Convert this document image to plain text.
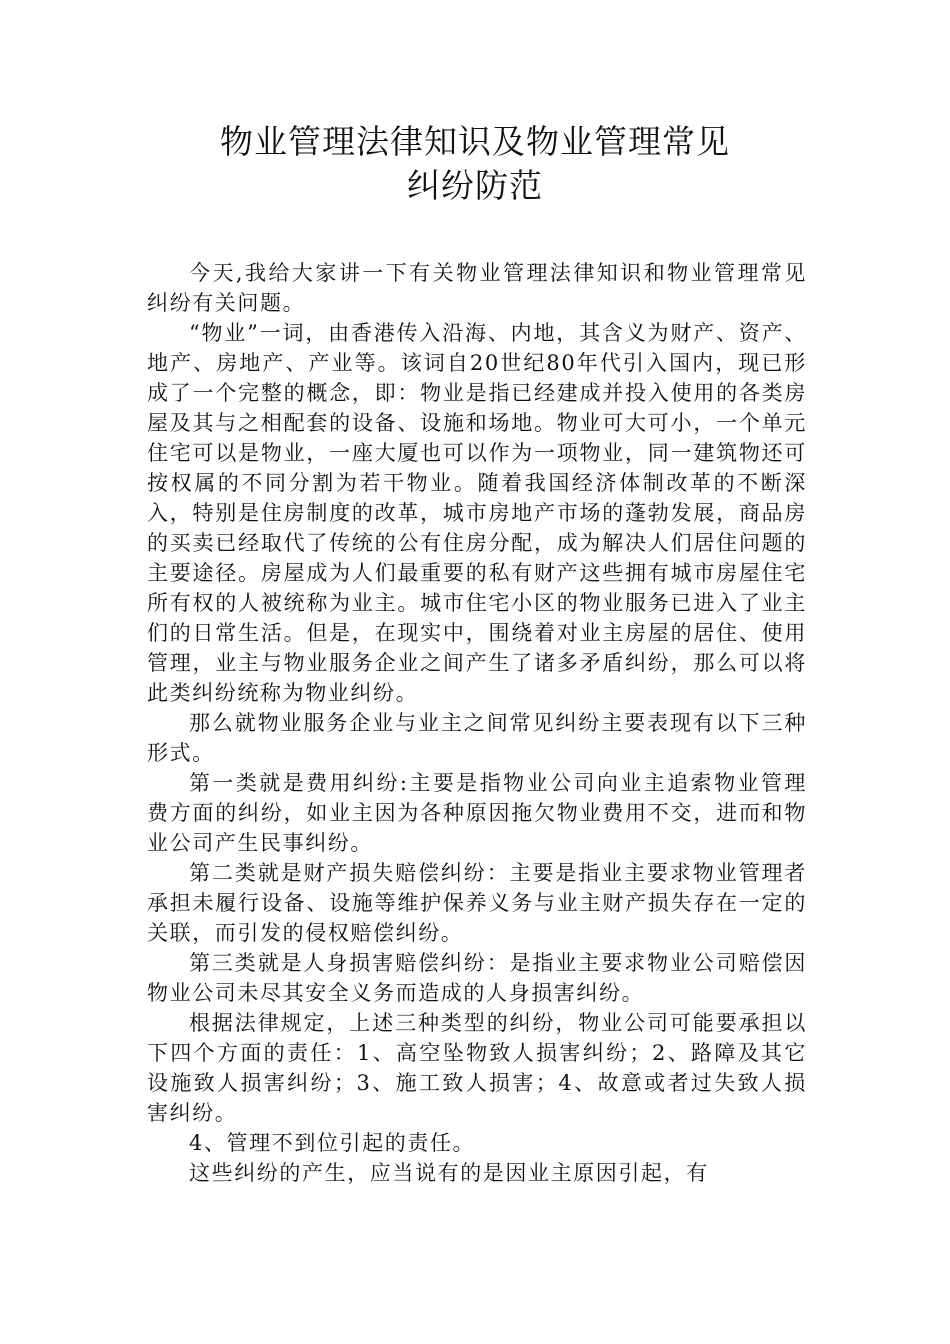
物业管理法律知识及物业管理常见
纠纷防范

今天,我给大家讲一下有关物业管理法律知识和物业管理常见纠纷有关问题。

“物业”一词，由香港传入沿海、内地，其含义为财产、资产、地产、房地产、产业等。该词自20世纪80年代引入国内，现已形成了一个完整的概念，即：物业是指已经建成并投入使用的各类房屋及其与之相配套的设备、设施和场地。物业可大可小，一个单元住宅可以是物业，一座大厦也可以作为一项物业，同一建筑物还可按权属的不同分割为若干物业。随着我国经济体制改革的不断深入，特别是住房制度的改革，城市房地产市场的蓬勃发展，商品房的买卖已经取代了传统的公有住房分配，成为解决人们居住问题的主要途径。房屋成为人们最重要的私有财产这些拥有城市房屋住宅所有权的人被统称为业主。城市住宅小区的物业服务已进入了业主们的日常生活。但是，在现实中，围绕着对业主房屋的居住、使用管理，业主与物业服务企业之间产生了诸多矛盾纠纷，那么可以将此类纠纷统称为物业纠纷。

那么就物业服务企业与业主之间常见纠纷主要表现有以下三种形式。

第一类就是费用纠纷:主要是指物业公司向业主追索物业管理费方面的纠纷，如业主因为各种原因拖欠物业费用不交，进而和物业公司产生民事纠纷。

第二类就是财产损失赔偿纠纷：主要是指业主要求物业管理者承担未履行设备、设施等维护保养义务与业主财产损失存在一定的关联，而引发的侵权赔偿纠纷。

第三类就是人身损害赔偿纠纷：是指业主要求物业公司赔偿因物业公司未尽其安全义务而造成的人身损害纠纷。

根据法律规定，上述三种类型的纠纷，物业公司可能要承担以下四个方面的责任：1、高空坠物致人损害纠纷；2、路障及其它设施致人损害纠纷；3、施工致人损害；4、故意或者过失致人损害纠纷。

4、管理不到位引起的责任。

这些纠纷的产生，应当说有的是因业主原因引起，有
